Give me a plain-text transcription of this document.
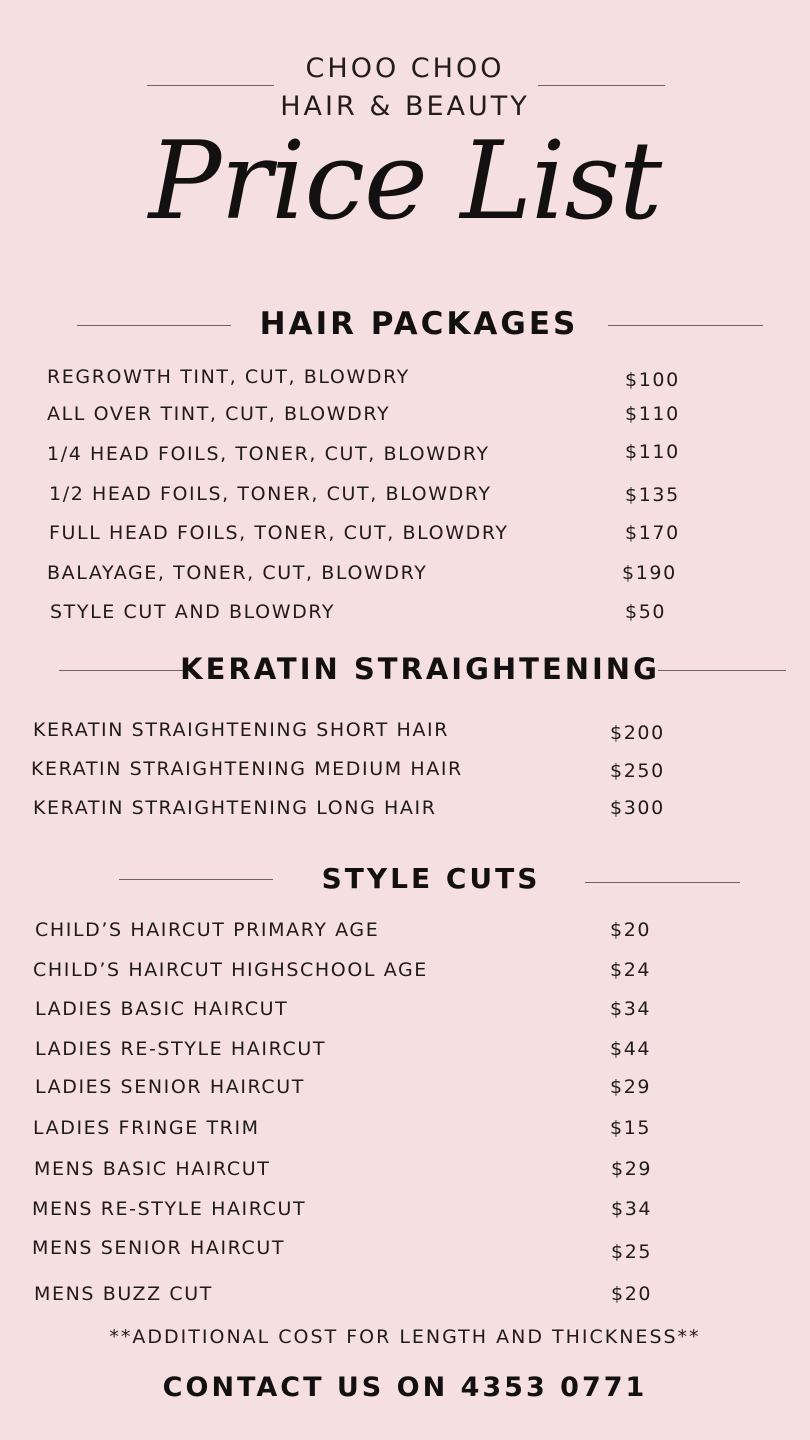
CHOO CHOO
HAIR & BEAUTY
Price List
HAIR PACKAGES
REGROWTH TINT, CUT, BLOWDRY	$100
ALL OVER TINT, CUT, BLOWDRY	$110
1/4 HEAD FOILS, TONER, CUT, BLOWDRY	$110
1/2 HEAD FOILS, TONER, CUT, BLOWDRY	$135
FULL HEAD FOILS, TONER, CUT, BLOWDRY	$170
BALAYAGE, TONER, CUT, BLOWDRY	$190
STYLE CUT AND BLOWDRY	$50
KERATIN STRAIGHTENING
KERATIN STRAIGHTENING SHORT HAIR	$200
KERATIN STRAIGHTENING MEDIUM HAIR	$250
KERATIN STRAIGHTENING LONG HAIR	$300
STYLE CUTS
CHILD’S HAIRCUT PRIMARY AGE	$20
CHILD’S HAIRCUT HIGHSCHOOL AGE	$24
LADIES BASIC HAIRCUT	$34
LADIES RE-STYLE HAIRCUT	$44
LADIES SENIOR HAIRCUT	$29
LADIES FRINGE TRIM	$15
MENS BASIC HAIRCUT	$29
MENS RE-STYLE HAIRCUT	$34
MENS SENIOR HAIRCUT	$25
MENS BUZZ CUT	$20
**ADDITIONAL COST FOR LENGTH AND THICKNESS**
CONTACT US ON 4353 0771
